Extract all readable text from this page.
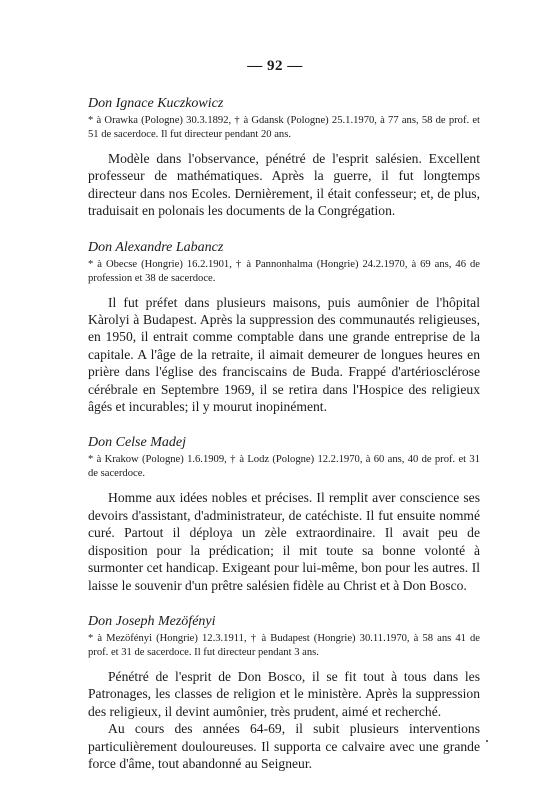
— 92 —

Don Ignace Kuczkowicz

* à Orawka (Pologne) 30.3.1892, † à Gdansk (Pologne) 25.1.1970, à 77 ans, 58 de prof. et 51 de sacerdoce. Il fut directeur pendant 20 ans.

Modèle dans l'observance, pénétré de l'esprit salésien. Excellent professeur de mathématiques. Après la guerre, il fut longtemps directeur dans nos Ecoles. Dernièrement, il était confesseur; et, de plus, traduisait en polonais les documents de la Congrégation.

Don Alexandre Labancz

* à Obecse (Hongrie) 16.2.1901, † à Pannonhalma (Hongrie) 24.2.1970, à 69 ans, 46 de profession et 38 de sacerdoce.

Il fut préfet dans plusieurs maisons, puis aumônier de l'hôpital Kàrolyi à Budapest. Après la suppression des communautés religieuses, en 1950, il entrait comme comptable dans une grande entreprise de la capitale. A l'âge de la retraite, il aimait demeurer de longues heures en prière dans l'église des franciscains de Buda. Frappé d'artériosclérose cérébrale en Septembre 1969, il se retira dans l'Hospice des religieux âgés et incurables; il y mourut inopinément.

Don Celse Madej

* à Krakow (Pologne) 1.6.1909, † à Lodz (Pologne) 12.2.1970, à 60 ans, 40 de prof. et 31 de sacerdoce.

Homme aux idées nobles et précises. Il remplit aver conscience ses devoirs d'assistant, d'administrateur, de catéchiste. Il fut ensuite nommé curé. Partout il déploya un zèle extraordinaire. Il avait peu de disposition pour la prédication; il mit toute sa bonne volonté à surmonter cet handicap. Exigeant pour lui-même, bon pour les autres. Il laisse le souvenir d'un prêtre salésien fidèle au Christ et à Don Bosco.

Don Joseph Mezöfényi

* à Mezöfényi (Hongrie) 12.3.1911, † à Budapest (Hongrie) 30.11.1970, à 58 ans 41 de prof. et 31 de sacerdoce. Il fut directeur pendant 3 ans.

Pénétré de l'esprit de Don Bosco, il se fit tout à tous dans les Patronages, les classes de religion et le ministère. Après la suppression des religieux, il devint aumônier, très prudent, aimé et recherché.

Au cours des années 64-69, il subit plusieurs interventions particulièrement douloureuses. Il supporta ce calvaire avec une grande force d'âme, tout abandonné au Seigneur.
